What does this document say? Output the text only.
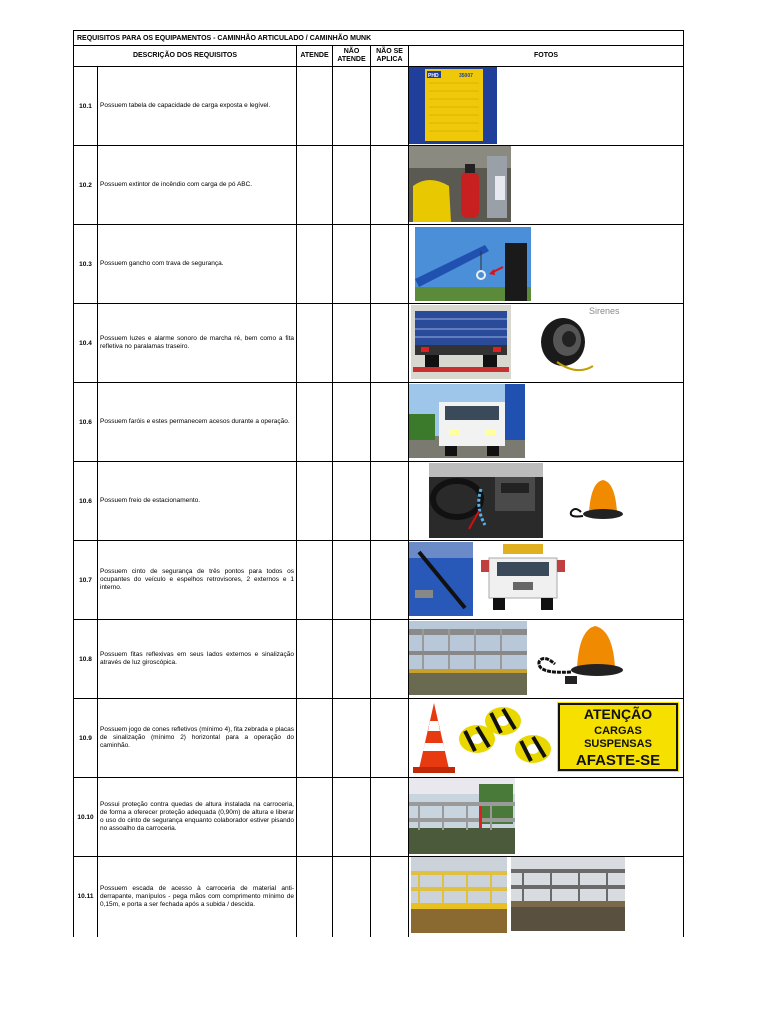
REQUISITOS PARA OS EQUIPAMENTOS - CAMINHÃO ARTICULADO / CAMINHÃO MUNK					
DESCRIÇÃO DOS REQUISITOS		ATENDE	NÃO ATENDE	NÃO SE APLICA	FOTOS
10.1	Possuem tabela de capacidade de carga exposta e legível.				PHD 35007

10.2	Possuem extintor de incêndio com carga de pó ABC.				

10.3	Possuem gancho com trava de segurança.				

10.4	Possuem luzes e alarme sonoro de marcha ré, bem como a fita refletiva no paralamas traseiro.				Sirenes

10.6	Possuem faróis e estes permanecem acesos durante a operação.				

10.6	Possuem freio de estacionamento.				

10.7	Possuem cinto de segurança de três pontos para todos os ocupantes do veículo e espelhos retrovisores, 2 externos e 1 interno.				

10.8	Possuem fitas reflexivas em seus lados externos e sinalização através de luz giroscópica.				

10.9	Possuem jogo de cones refletivos (mínimo 4), fita zebrada e placas de sinalização (mínimo 2) horizontal para a operação do caminhão.				ATENÇÃO
CARGAS
SUSPENSAS
AFASTE-SE

10.10	Possui proteção contra quedas de altura instalada na carroceria, de forma a oferecer proteção adequada (0,90m) de altura e liberar o uso do cinto de segurança enquanto colaborador estiver pisando no assoalho da carroceria.				

10.11	Possuem escada de acesso à carroceria de material anti-derrapante, manípulos - pega mãos com comprimento mínimo de 0,15m, e porta a ser fechada após a subida / descida.				
